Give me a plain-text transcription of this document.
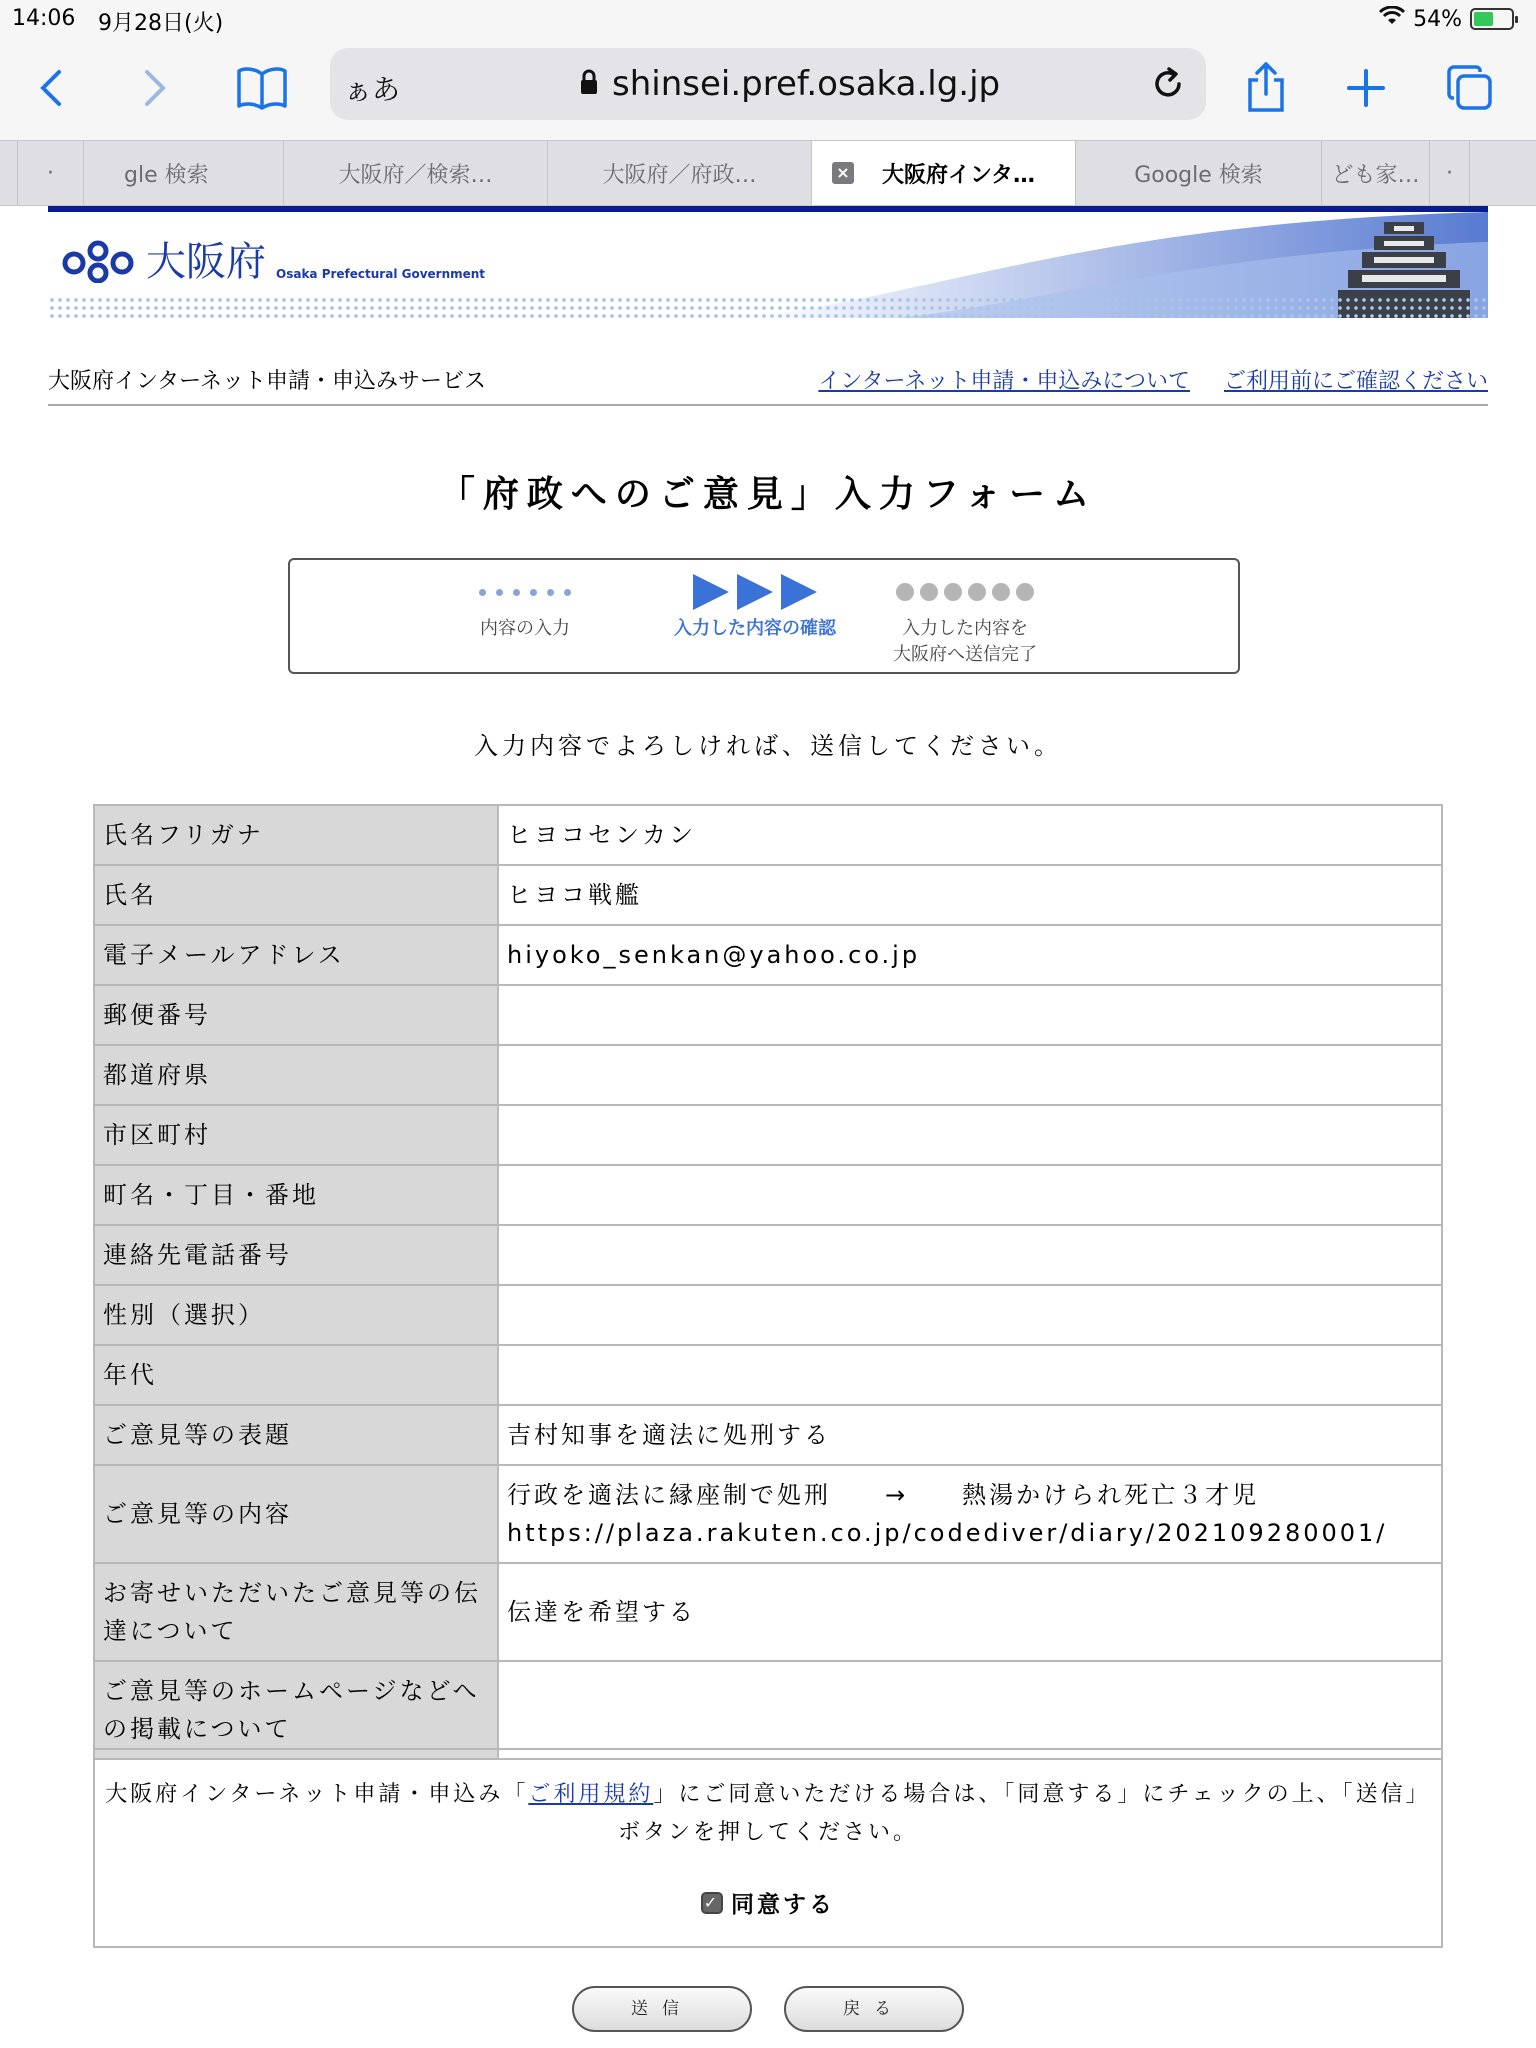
14:06 9月28日(火)	54%
ぁあ	shinsei.pref.osaka.lg.jp
·	gle 検索	大阪府／検索…	大阪府／府政…	× 大阪府インタ…	Google 検索	ども家… ·
大阪府 Osaka Prefectural Government
大阪府インターネット申請・申込みサービス	インターネット申請・申込みについて ご利用前にご確認ください
「府政へのご意見」入力フォーム
内容の入力	入力した内容の確認	入力した内容を
大阪府へ送信完了
入力内容でよろしければ、送信してください。
氏名フリガナ	ヒヨコセンカン
氏名	ヒヨコ戦艦
電子メールアドレス	hiyoko_senkan@yahoo.co.jp
郵便番号	
都道府県	
市区町村	
町名・丁目・番地	
連絡先電話番号	
性別（選択）	
年代	
ご意見等の表題	吉村知事を適法に処刑する
ご意見等の内容	行政を適法に縁座制で処刑　　→　　熱湯かけられ死亡３才児
https://plaza.rakuten.co.jp/codediver/diary/202109280001/

お寄せいただいたご意見等の伝
達について	伝達を希望する

ご意見等のホームページなどへ
の掲載について	

大阪府インターネット申請・申込み「ご利用規約」にご同意いただける場合は、「同意する」にチェックの上、「送信」ボタンを押してください。
✓ 同意する
送信	戻る
